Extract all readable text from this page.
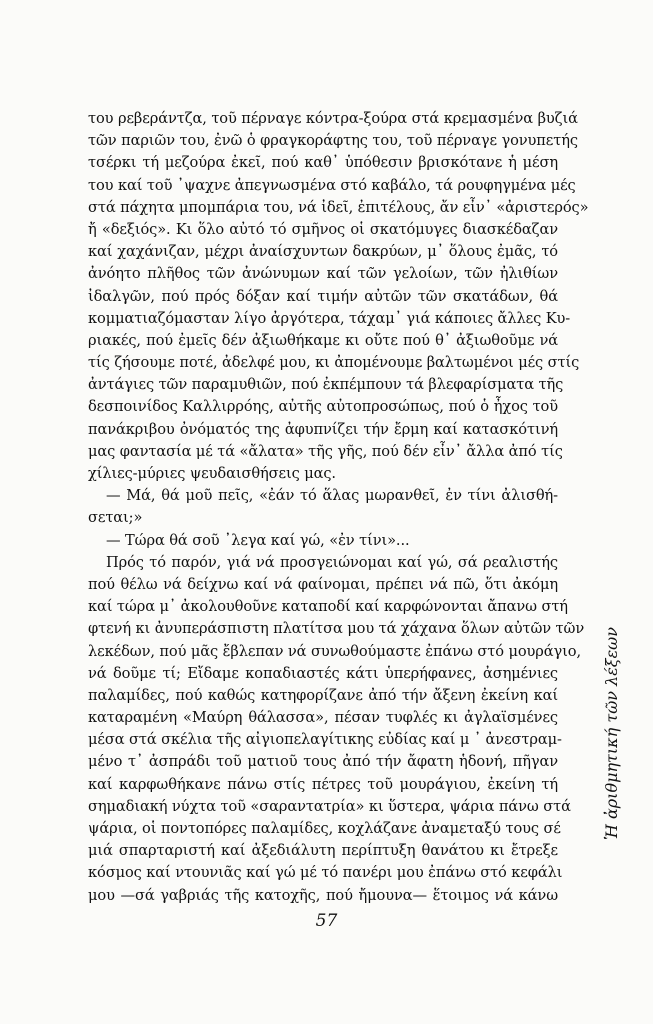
του ρεβεράντζα, τοῦ πέρναγε κόντρα-ξούρα στά κρεμασμένα βυζιά
τῶν παριῶν του, ἐνῶ ὁ φραγκοράφτης του, τοῦ πέρναγε γονυπετής
τσέρκι τή μεζούρα ἐκεῖ, πού καθ᾽ ὑπόθεσιν βρισκότανε ἡ μέση
του καί τοῦ ᾽ψαχνε ἀπεγνωσμένα στό καβάλο, τά ρουφηγμένα μές
στά πάχητα μπομπάρια του, νά ἰδεῖ, ἐπιτέλους, ἄν εἶν᾽ «ἀριστερός»
ἤ «δεξιός». Κι ὅλο αὐτό τό σμῆνος οἱ σκατόμυγες διασκέδαζαν
καί χαχάνιζαν, μέχρι ἀναίσχυντων δακρύων, μ᾽ ὅλους ἐμᾶς, τό
ἀνόητο πλῆθος τῶν ἀνώνυμων καί τῶν γελοίων, τῶν ἠλιθίων
ἰδαλγῶν, πού πρός δόξαν καί τιμήν αὐτῶν τῶν σκατάδων, θά
κομματιαζόμασταν λίγο ἀργότερα, τάχαμ᾽ γιά κάποιες ἄλλες Κυ-
ριακές, πού ἐμεῖς δέν ἀξιωθήκαμε κι οὔτε πού θ᾽ ἀξιωθοῦμε νά
τίς ζήσουμε ποτέ, ἀδελφέ μου, κι ἀπομένουμε βαλτωμένοι μές στίς
ἀντάγιες τῶν παραμυθιῶν, πού ἐκπέμπουν τά βλεφαρίσματα τῆς
δεσποινίδος Καλλιρρόης, αὐτῆς αὐτοπροσώπως, πού ὁ ἦχος τοῦ
πανάκριβου ὀνόματός της ἀφυπνίζει τήν ἔρμη καί κατασκότινή
μας φαντασία μέ τά «ἄλατα» τῆς γῆς, πού δέν εἶν᾽ ἄλλα ἀπό τίς
χίλιες-μύριες ψευδαισθήσεις μας.
— Μά, θά μοῦ πεῖς, «ἐάν τό ἅλας μωρανθεῖ, ἐν τίνι ἀλισθή-
σεται;»
— Τώρα θά σοῦ ᾽λεγα καί γώ, «ἐν τίνι»...
Πρός τό παρόν, γιά νά προσγειώνομαι καί γώ, σά ρεαλιστής
πού θέλω νά δείχνω καί νά φαίνομαι, πρέπει νά πῶ, ὅτι ἀκόμη
καί τώρα μ᾽ ἀκολουθοῦνε καταποδί καί καρφώνονται ἄπανω στή
φτενή κι ἀνυπεράσπιστη πλατίτσα μου τά χάχανα ὅλων αὐτῶν τῶν
λεκέδων, πού μᾶς ἔβλεπαν νά συνωθούμαστε ἐπάνω στό μουράγιο,
νά δοῦμε τί; Εἴδαμε κοπαδιαστές κάτι ὑπερήφανες, ἀσημένιες
παλαμίδες, πού καθώς κατηφορίζανε ἀπό τήν ἄξενη ἐκείνη καί
καταραμένη «Μαύρη θάλασσα», πέσαν τυφλές κι ἀγλαϊσμένες
μέσα στά σκέλια τῆς αἰγιοπελαγίτικης εὐδίας καί μ ᾽ ἀνεστραμ-
μένο τ᾽ ἀσπράδι τοῦ ματιοῦ τους ἀπό τήν ἄφατη ἡδονή, πῆγαν
καί καρφωθήκανε πάνω στίς πέτρες τοῦ μουράγιου, ἐκείνη τή
σημαδιακή νύχτα τοῦ «σαραντατρία» κι ὕστερα, ψάρια πάνω στά
ψάρια, οἱ ποντοπόρες παλαμίδες, κοχλάζανε ἀναμεταξύ τους σέ
μιά σπαρταριστή καί ἀξεδιάλυτη περίπτυξη θανάτου κι ἔτρεξε
κόσμος καί ντουνιᾶς καί γώ μέ τό πανέρι μου ἐπάνω στό κεφάλι
μου —σά γαβριάς τῆς κατοχῆς, πού ἤμουνα— ἕτοιμος νά κάνω
57
Ἡ ἀριθμητική τῶν λέξεων
